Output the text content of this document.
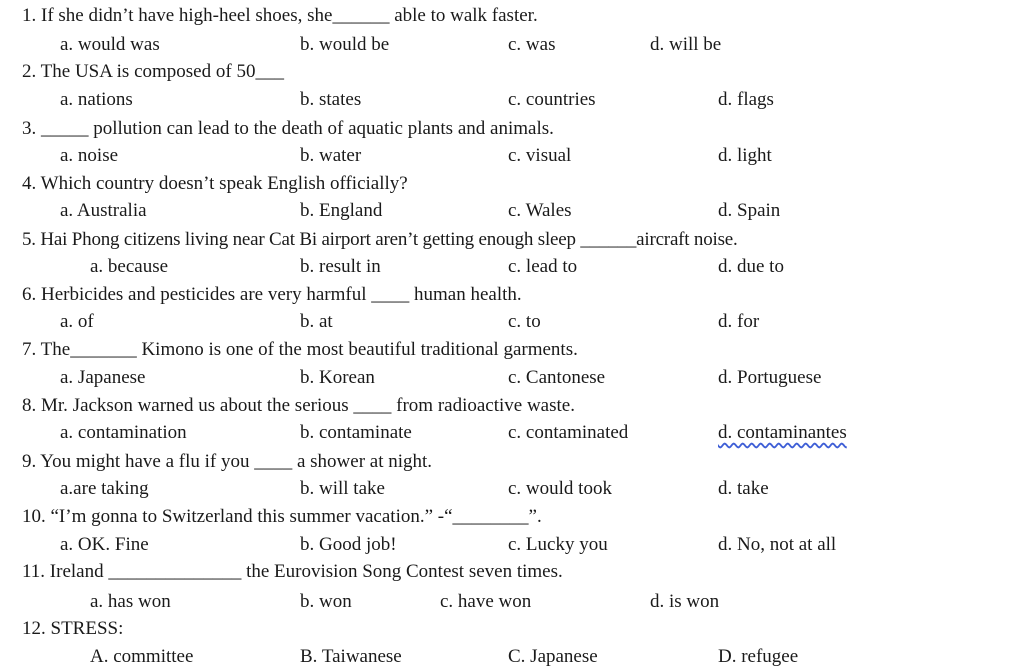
1. If she didn’t have high-heel shoes, she______ able to walk faster.
a. would was	b. would be	c. was	d. will be
2. The USA is composed of 50___
a. nations	b. states	c. countries	d. flags
3. _____ pollution can lead to the death of aquatic plants and animals.
a. noise	b. water	c. visual	d. light
4. Which country doesn’t speak English officially?
a. Australia	b. England	c. Wales	d. Spain
5. Hai Phong citizens living near Cat Bi airport aren’t getting enough sleep ______aircraft noise.
a. because	b. result in	c. lead to	d. due to
6. Herbicides and pesticides are very harmful ____ human health.
a. of	b. at	c. to	d. for
7. The_______ Kimono is one of the most beautiful traditional garments.
a. Japanese	b. Korean	c. Cantonese	d. Portuguese
8. Mr. Jackson warned us about the serious ____ from radioactive waste.
a. contamination	b. contaminate	c. contaminated	d. contaminantes
9. You might have a flu if you ____ a shower at night.
a.are taking	b. will take	c. would took	d. take
10. “I’m gonna to Switzerland this summer vacation.” -“________”.
a. OK. Fine	b. Good job!	c. Lucky you	d. No, not at all
11. Ireland ______________ the Eurovision Song Contest seven times.
a. has won	b. won	c. have won	d. is won
12. STRESS:
A. committee	B. Taiwanese	C. Japanese	D. refugee
